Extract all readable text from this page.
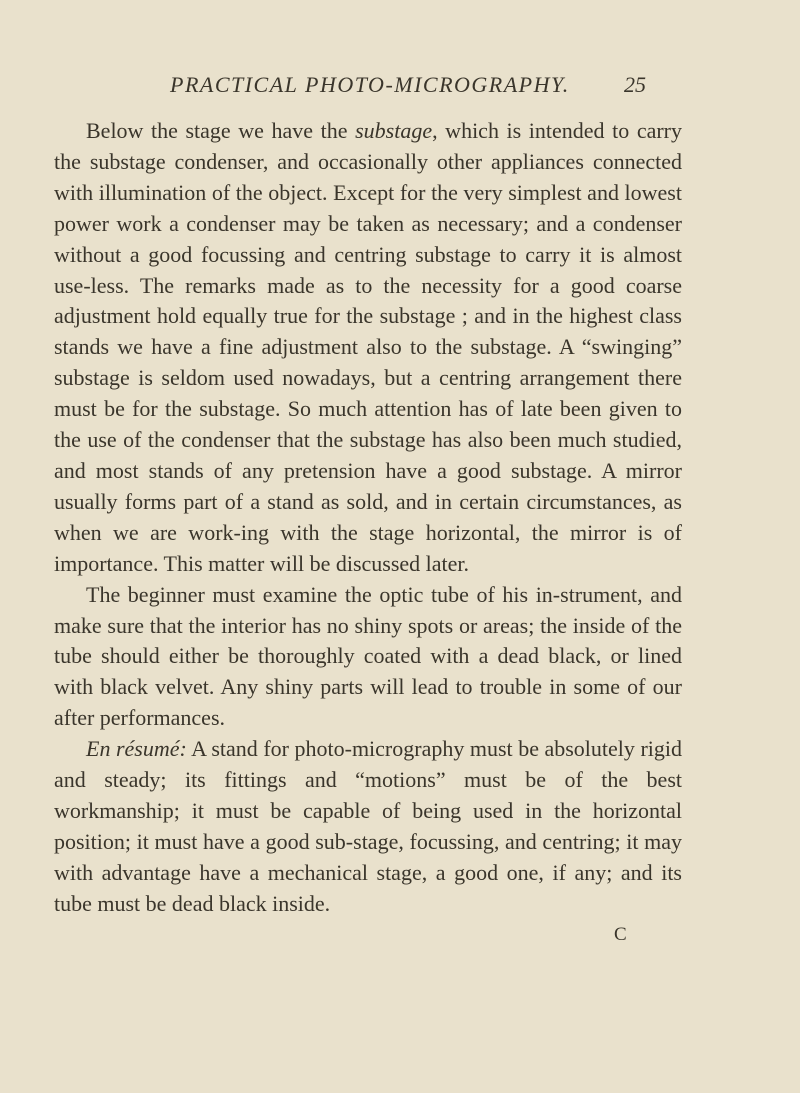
PRACTICAL PHOTO-MICROGRAPHY. 25

Below the stage we have the substage, which is intended to carry the substage condenser, and occasionally other appliances connected with illumination of the object. Except for the very simplest and lowest power work a condenser may be taken as necessary; and a condenser without a good focussing and centring substage to carry it is almost use-less. The remarks made as to the necessity for a good coarse adjustment hold equally true for the substage ; and in the highest class stands we have a fine adjustment also to the substage. A “swinging” substage is seldom used nowadays, but a centring arrangement there must be for the substage. So much attention has of late been given to the use of the condenser that the substage has also been much studied, and most stands of any pretension have a good substage. A mirror usually forms part of a stand as sold, and in certain circumstances, as when we are work-ing with the stage horizontal, the mirror is of importance. This matter will be discussed later.

The beginner must examine the optic tube of his in-strument, and make sure that the interior has no shiny spots or areas; the inside of the tube should either be thoroughly coated with a dead black, or lined with black velvet. Any shiny parts will lead to trouble in some of our after performances.

En résumé: A stand for photo-micrography must be absolutely rigid and steady; its fittings and “motions” must be of the best workmanship; it must be capable of being used in the horizontal position; it must have a good sub-stage, focussing, and centring; it may with advantage have a mechanical stage, a good one, if any; and its tube must be dead black inside.

C
